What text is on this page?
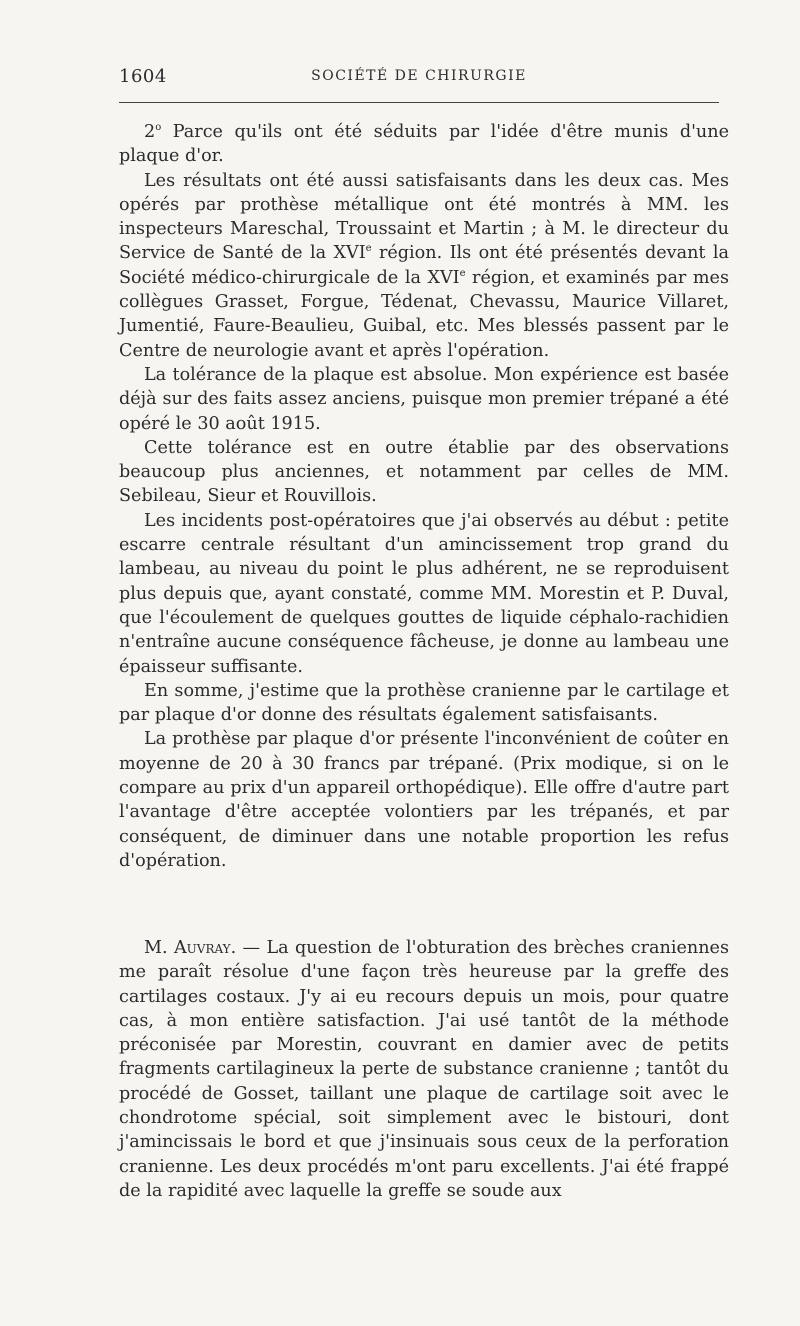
1604	SOCIÉTÉ DE CHIRURGIE

2$^o$ Parce qu'ils ont été séduits par l'idée d'être munis d'une plaque d'or.

Les résultats ont été aussi satisfaisants dans les deux cas. Mes opérés par prothèse métallique ont été montrés à MM. les inspecteurs Mareschal, Troussaint et Martin ; à M. le directeur du Service de Santé de la XVIe région. Ils ont été présentés devant la Société médico-chirurgicale de la XVIe région, et examinés par mes collègues Grasset, Forgue, Tédenat, Chevassu, Maurice Villaret, Jumentié, Faure-Beaulieu, Guibal, etc. Mes blessés passent par le Centre de neurologie avant et après l'opération.

La tolérance de la plaque est absolue. Mon expérience est basée déjà sur des faits assez anciens, puisque mon premier trépané a été opéré le 30 août 1915.

Cette tolérance est en outre établie par des observations beaucoup plus anciennes, et notamment par celles de MM. Sebileau, Sieur et Rouvillois.

Les incidents post-opératoires que j'ai observés au début : petite escarre centrale résultant d'un amincissement trop grand du lambeau, au niveau du point le plus adhérent, ne se reproduisent plus depuis que, ayant constaté, comme MM. Morestin et P. Duval, que l'écoulement de quelques gouttes de liquide céphalo-rachidien n'entraîne aucune conséquence fâcheuse, je donne au lambeau une épaisseur suffisante.

En somme, j'estime que la prothèse cranienne par le cartilage et par plaque d'or donne des résultats également satisfaisants.

La prothèse par plaque d'or présente l'inconvénient de coûter en moyenne de 20 à 30 francs par trépané. (Prix modique, si on le compare au prix d'un appareil orthopédique). Elle offre d'autre part l'avantage d'être acceptée volontiers par les trépanés, et par conséquent, de diminuer dans une notable proportion les refus d'opération.

M. Auvray. — La question de l'obturation des brèches craniennes me paraît résolue d'une façon très heureuse par la greffe des cartilages costaux. J'y ai eu recours depuis un mois, pour quatre cas, à mon entière satisfaction. J'ai usé tantôt de la méthode préconisée par Morestin, couvrant en damier avec de petits fragments cartilagineux la perte de substance cranienne ; tantôt du procédé de Gosset, taillant une plaque de cartilage soit avec le chondrotome spécial, soit simplement avec le bistouri, dont j'amincissais le bord et que j'insinuais sous ceux de la perforation cranienne. Les deux procédés m'ont paru excellents. J'ai été frappé de la rapidité avec laquelle la greffe se soude aux
